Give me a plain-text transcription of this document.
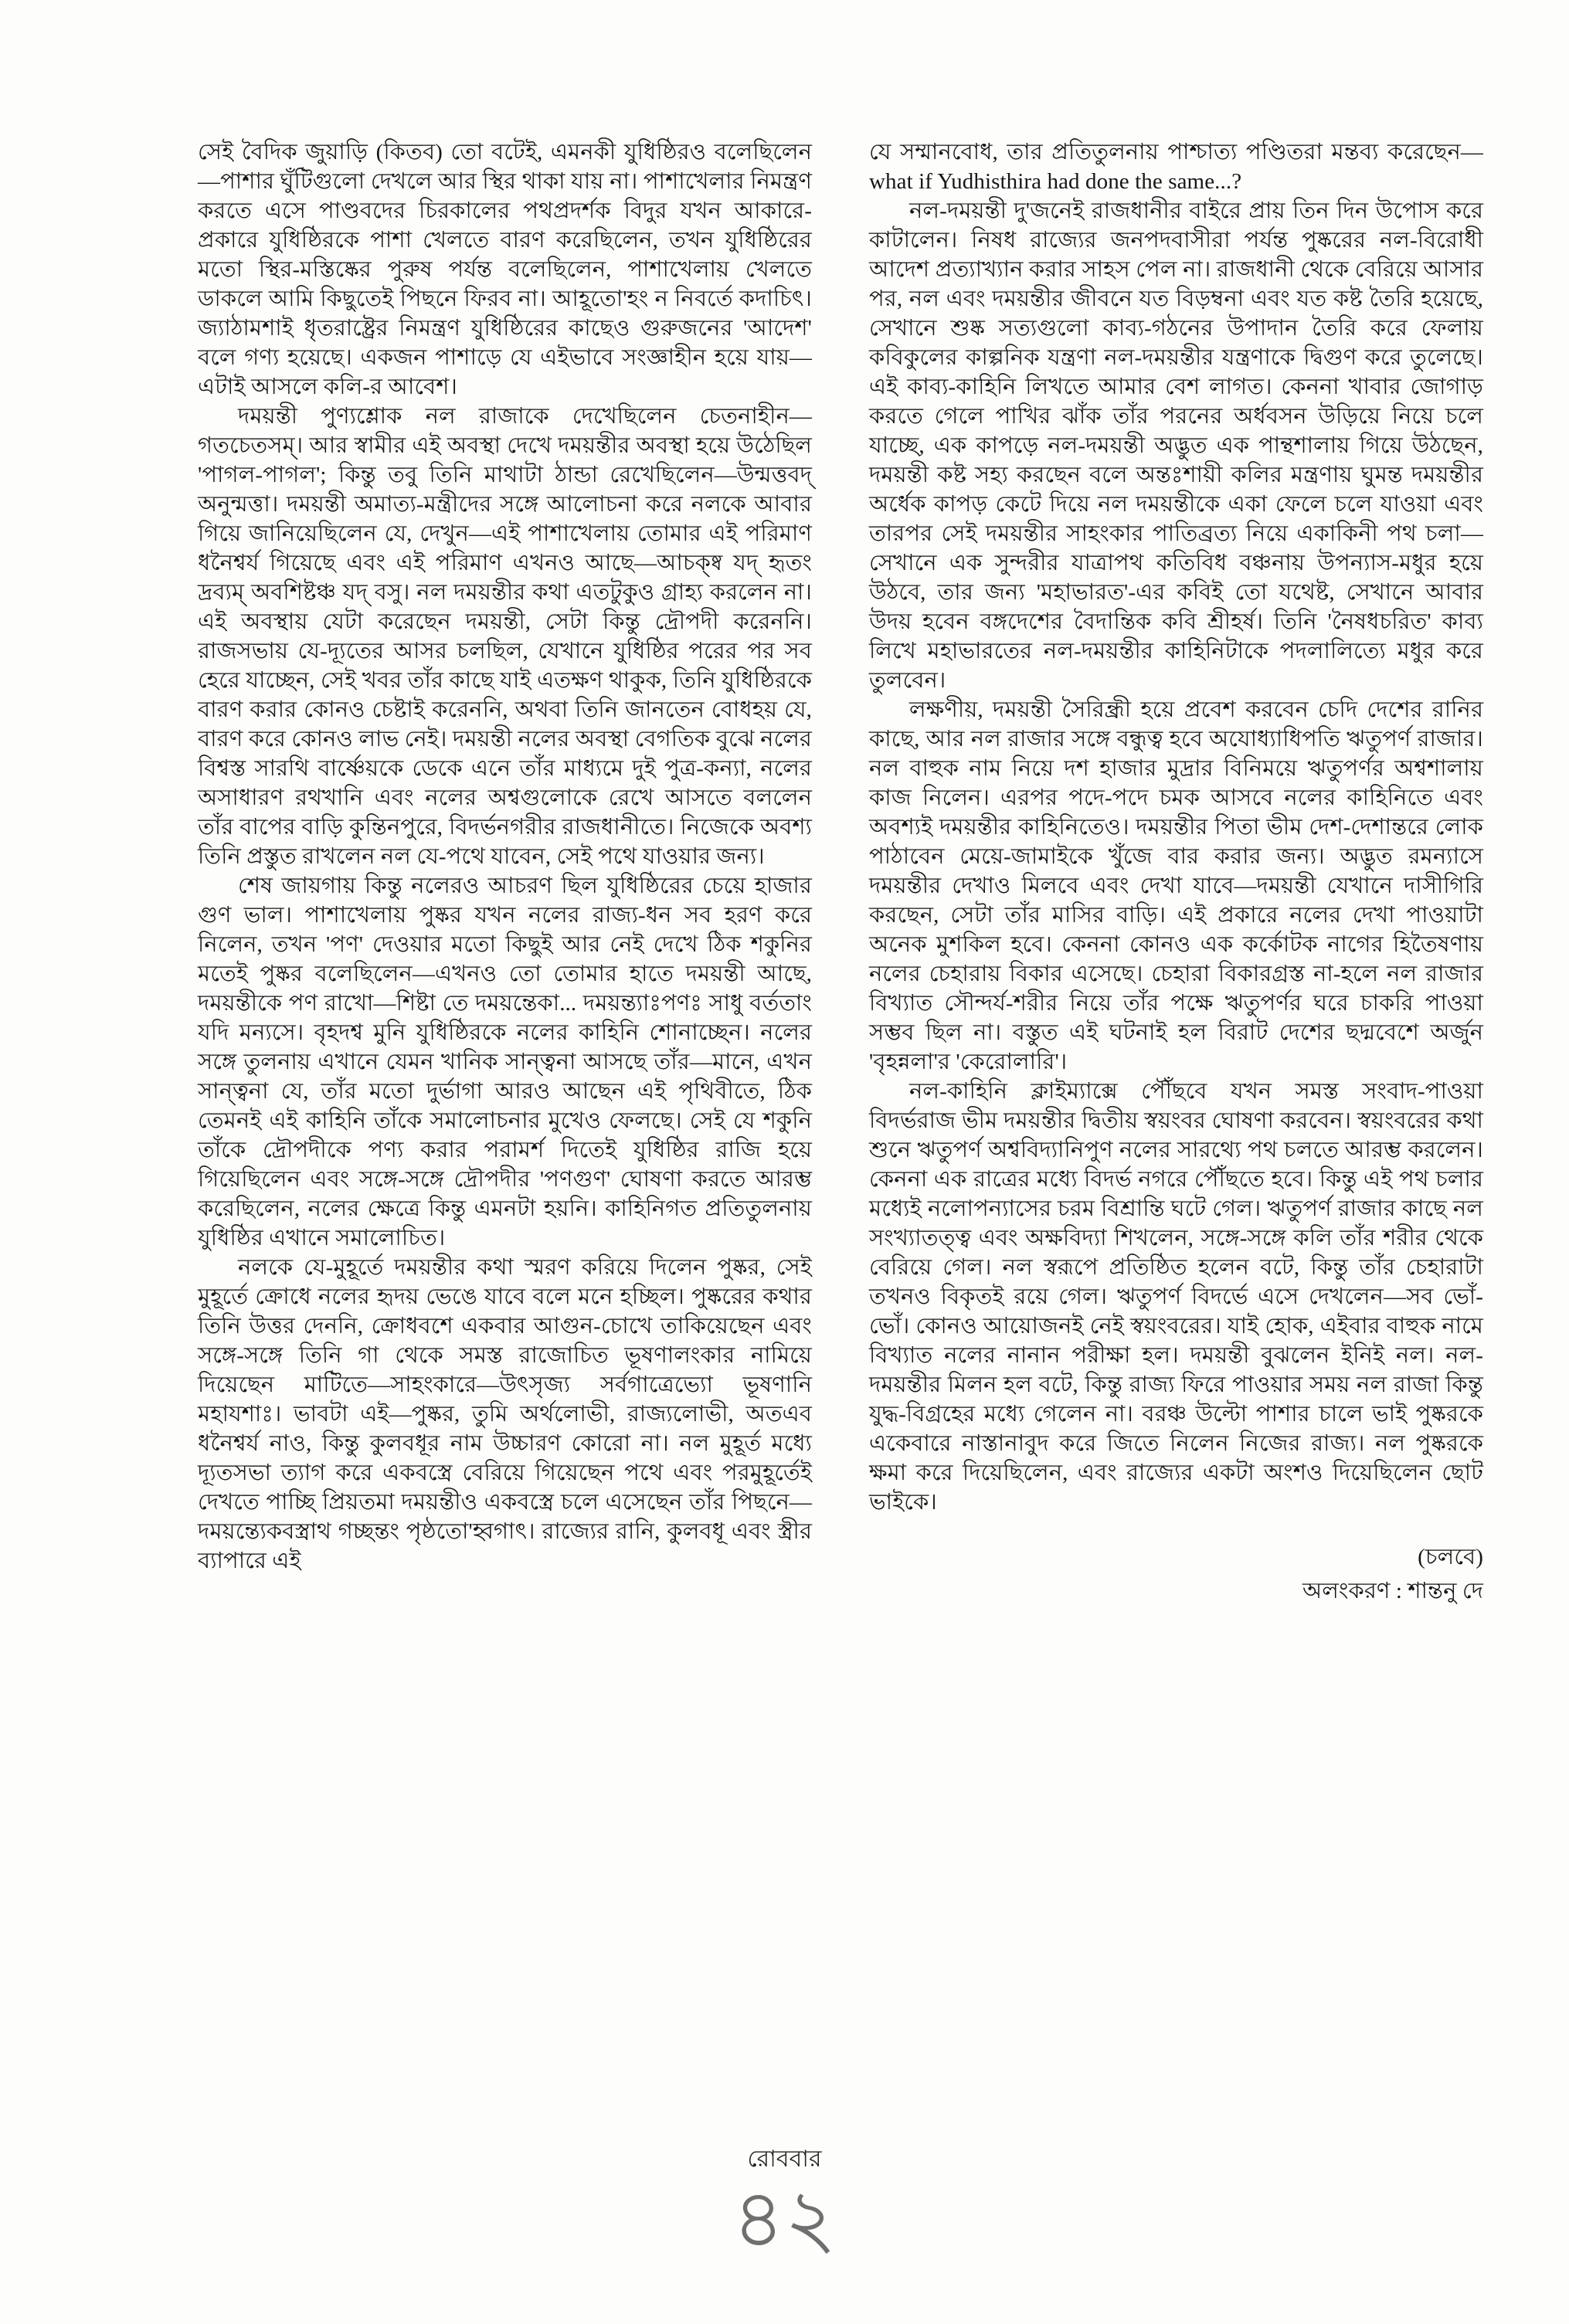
সেই বৈদিক জুয়াড়ি (কিতব) তো বটেই, এমনকী যুধিষ্ঠিরও বলেছিলেন—পাশার ঘুঁটিগুলো দেখলে আর স্থির থাকা যায় না। পাশাখেলার নিমন্ত্রণ করতে এসে পাণ্ডবদের চিরকালের পথপ্রদর্শক বিদুর যখন আকারে-প্রকারে যুধিষ্ঠিরকে পাশা খেলতে বারণ করেছিলেন, তখন যুধিষ্ঠিরের মতো স্থির-মস্তিষ্কের পুরুষ পর্যন্ত বলেছিলেন, পাশাখেলায় খেলতে ডাকলে আমি কিছুতেই পিছনে ফিরব না। আহূতো'হং ন নিবর্তে কদাচিৎ। জ্যাঠামশাই ধৃতরাষ্ট্রের নিমন্ত্রণ যুধিষ্ঠিরের কাছেও গুরুজনের 'আদেশ' বলে গণ্য হয়েছে। একজন পাশাড়ে যে এইভাবে সংজ্ঞাহীন হয়ে যায়—এটাই আসলে কলি-র আবেশ।

দময়ন্তী পুণ্যশ্লোক নল রাজাকে দেখেছিলেন চেতনাহীন—গতচেতসম্। আর স্বামীর এই অবস্থা দেখে দময়ন্তীর অবস্থা হয়ে উঠেছিল 'পাগল-পাগল'; কিন্তু তবু তিনি মাথাটা ঠান্ডা রেখেছিলেন—উন্মত্তবদ্ অনুন্মত্তা। দময়ন্তী অমাত্য-মন্ত্রীদের সঙ্গে আলোচনা করে নলকে আবার গিয়ে জানিয়েছিলেন যে, দেখুন—এই পাশাখেলায় তোমার এই পরিমাণ ধনৈশ্বর্য গিয়েছে এবং এই পরিমাণ এখনও আছে—আচক্ষ্ব যদ্ হৃতং দ্রব্যম্ অবশিষ্টঞ্চ যদ্ বসু। নল দময়ন্তীর কথা এতটুকুও গ্রাহ্য করলেন না। এই অবস্থায় যেটা করেছেন দময়ন্তী, সেটা কিন্তু দ্রৌপদী করেননি। রাজসভায় যে-দ্যূতের আসর চলছিল, যেখানে যুধিষ্ঠির পরের পর সব হেরে যাচ্ছেন, সেই খবর তাঁর কাছে যাই এতক্ষণ থাকুক, তিনি যুধিষ্ঠিরকে বারণ করার কোনও চেষ্টাই করেননি, অথবা তিনি জানতেন বোধহয় যে, বারণ করে কোনও লাভ নেই। দময়ন্তী নলের অবস্থা বেগতিক বুঝে নলের বিশ্বস্ত সারথি বার্ষ্ণেয়কে ডেকে এনে তাঁর মাধ্যমে দুই পুত্র-কন্যা, নলের অসাধারণ রথখানি এবং নলের অশ্বগুলোকে রেখে আসতে বললেন তাঁর বাপের বাড়ি কুন্তিনপুরে, বিদর্ভনগরীর রাজধানীতে। নিজেকে অবশ্য তিনি প্রস্তুত রাখলেন নল যে-পথে যাবেন, সেই পথে যাওয়ার জন্য।

শেষ জায়গায় কিন্তু নলেরও আচরণ ছিল যুধিষ্ঠিরের চেয়ে হাজার গুণ ভাল। পাশাখেলায় পুষ্কর যখন নলের রাজ্য-ধন সব হরণ করে নিলেন, তখন 'পণ' দেওয়ার মতো কিছুই আর নেই দেখে ঠিক শকুনির মতেই পুষ্কর বলেছিলেন—এখনও তো তোমার হাতে দময়ন্তী আছে, দময়ন্তীকে পণ রাখো—শিষ্টা তে দময়ন্তেকা... দময়ন্ত্যাঃপণঃ সাধু বর্ততাং যদি মন্যসে। বৃহদশ্ব মুনি যুধিষ্ঠিরকে নলের কাহিনি শোনাচ্ছেন। নলের সঙ্গে তুলনায় এখানে যেমন খানিক সান্ত্বনা আসছে তাঁর—মানে, এখন সান্ত্বনা যে, তাঁর মতো দুর্ভাগা আরও আছেন এই পৃথিবীতে, ঠিক তেমনই এই কাহিনি তাঁকে সমালোচনার মুখেও ফেলছে। সেই যে শকুনি তাঁকে দ্রৌপদীকে পণ্য করার পরামর্শ দিতেই যুধিষ্ঠির রাজি হয়ে গিয়েছিলেন এবং সঙ্গে-সঙ্গে দ্রৌপদীর 'পণগুণ' ঘোষণা করতে আরম্ভ করেছিলেন, নলের ক্ষেত্রে কিন্তু এমনটা হয়নি। কাহিনিগত প্রতিতুলনায় যুধিষ্ঠির এখানে সমালোচিত।

নলকে যে-মুহূর্তে দময়ন্তীর কথা স্মরণ করিয়ে দিলেন পুষ্কর, সেই মুহূর্তে ক্রোধে নলের হৃদয় ভেঙে যাবে বলে মনে হচ্ছিল। পুষ্করের কথার তিনি উত্তর দেননি, ক্রোধবশে একবার আগুন-চোখে তাকিয়েছেন এবং সঙ্গে-সঙ্গে তিনি গা থেকে সমস্ত রাজোচিত ভূষণালংকার নামিয়ে দিয়েছেন মাটিতে—সাহংকারে—উৎসৃজ্য সর্বগাত্রেভ্যো ভূষণানি মহাযশাঃ। ভাবটা এই—পুষ্কর, তুমি অর্থলোভী, রাজ্যলোভী, অতএব ধনৈশ্বর্য নাও, কিন্তু কুলবধূর নাম উচ্চারণ কোরো না। নল মুহূর্ত মধ্যে দ্যূতসভা ত্যাগ করে একবস্ত্রে বেরিয়ে গিয়েছেন পথে এবং পরমুহূর্তেই দেখতে পাচ্ছি প্রিয়তমা দময়ন্তীও একবস্ত্রে চলে এসেছেন তাঁর পিছনে—দময়ন্ত্যেকবস্ত্রাথ গচ্ছন্তং পৃষ্ঠতো'হ্বগাৎ। রাজ্যের রানি, কুলবধূ এবং স্ত্রীর ব্যাপারে এই

যে সম্মানবোধ, তার প্রতিতুলনায় পাশ্চাত্য পণ্ডিতরা মন্তব্য করেছেন—what if Yudhisthira had done the same...?

নল-দময়ন্তী দু'জনেই রাজধানীর বাইরে প্রায় তিন দিন উপোস করে কাটালেন। নিষধ রাজ্যের জনপদবাসীরা পর্যন্ত পুষ্করের নল-বিরোধী আদেশ প্রত্যাখ্যান করার সাহস পেল না। রাজধানী থেকে বেরিয়ে আসার পর, নল এবং দময়ন্তীর জীবনে যত বিড়ম্বনা এবং যত কষ্ট তৈরি হয়েছে, সেখানে শুষ্ক সত্যগুলো কাব্য-গঠনের উপাদান তৈরি করে ফেলায় কবিকুলের কাল্পনিক যন্ত্রণা নল-দময়ন্তীর যন্ত্রণাকে দ্বিগুণ করে তুলেছে। এই কাব্য-কাহিনি লিখতে আমার বেশ লাগত। কেননা খাবার জোগাড় করতে গেলে পাখির ঝাঁক তাঁর পরনের অর্ধবসন উড়িয়ে নিয়ে চলে যাচ্ছে, এক কাপড়ে নল-দময়ন্তী অদ্ভুত এক পান্থশালায় গিয়ে উঠছেন, দময়ন্তী কষ্ট সহ্য করছেন বলে অন্তঃশায়ী কলির মন্ত্রণায় ঘুমন্ত দময়ন্তীর অর্ধেক কাপড় কেটে দিয়ে নল দময়ন্তীকে একা ফেলে চলে যাওয়া এবং তারপর সেই দময়ন্তীর সাহংকার পাতিব্রত্য নিয়ে একাকিনী পথ চলা—সেখানে এক সুন্দরীর যাত্রাপথ কতিবিধ বঞ্চনায় উপন্যাস-মধুর হয়ে উঠবে, তার জন্য 'মহাভারত'-এর কবিই তো যথেষ্ট, সেখানে আবার উদয় হবেন বঙ্গদেশের বৈদান্তিক কবি শ্রীহর্ষ। তিনি 'নৈষধচরিত' কাব্য লিখে মহাভারতের নল-দময়ন্তীর কাহিনিটাকে পদলালিত্যে মধুর করে তুলবেন।

লক্ষণীয়, দময়ন্তী সৈরিন্ধ্রী হয়ে প্রবেশ করবেন চেদি দেশের রানির কাছে, আর নল রাজার সঙ্গে বন্ধুত্ব হবে অযোধ্যাধিপতি ঋতুপর্ণ রাজার। নল বাহুক নাম নিয়ে দশ হাজার মুদ্রার বিনিময়ে ঋতুপর্ণর অশ্বশালায় কাজ নিলেন। এরপর পদে-পদে চমক আসবে নলের কাহিনিতে এবং অবশ্যই দময়ন্তীর কাহিনিতেও। দময়ন্তীর পিতা ভীম দেশ-দেশান্তরে লোক পাঠাবেন মেয়ে-জামাইকে খুঁজে বার করার জন্য। অদ্ভুত রমন্যাসে দময়ন্তীর দেখাও মিলবে এবং দেখা যাবে—দময়ন্তী যেখানে দাসীগিরি করছেন, সেটা তাঁর মাসির বাড়ি। এই প্রকারে নলের দেখা পাওয়াটা অনেক মুশকিল হবে। কেননা কোনও এক কর্কোটক নাগের হিতৈষণায় নলের চেহারায় বিকার এসেছে। চেহারা বিকারগ্রস্ত না-হলে নল রাজার বিখ্যাত সৌন্দর্য-শরীর নিয়ে তাঁর পক্ষে ঋতুপর্ণর ঘরে চাকরি পাওয়া সম্ভব ছিল না। বস্তুত এই ঘটনাই হল বিরাট দেশের ছদ্মবেশে অর্জুন 'বৃহন্নলা'র 'কেরোলারি'।

নল-কাহিনি ক্লাইম্যাক্সে পৌঁছবে যখন সমস্ত সংবাদ-পাওয়া বিদর্ভরাজ ভীম দময়ন্তীর দ্বিতীয় স্বয়ংবর ঘোষণা করবেন। স্বয়ংবরের কথা শুনে ঋতুপর্ণ অশ্ববিদ্যানিপুণ নলের সারথ্যে পথ চলতে আরম্ভ করলেন। কেননা এক রাত্রের মধ্যে বিদর্ভ নগরে পৌঁছতে হবে। কিন্তু এই পথ চলার মধ্যেই নলোপন্যাসের চরম বিশ্রান্তি ঘটে গেল। ঋতুপর্ণ রাজার কাছে নল সংখ্যাতত্ত্ব এবং অক্ষবিদ্যা শিখলেন, সঙ্গে-সঙ্গে কলি তাঁর শরীর থেকে বেরিয়ে গেল। নল স্বরূপে প্রতিষ্ঠিত হলেন বটে, কিন্তু তাঁর চেহারাটা তখনও বিকৃতই রয়ে গেল। ঋতুপর্ণ বিদর্ভে এসে দেখলেন—সব ভোঁ-ভোঁ। কোনও আয়োজনই নেই স্বয়ংবরের। যাই হোক, এইবার বাহুক নামে বিখ্যাত নলের নানান পরীক্ষা হল। দময়ন্তী বুঝলেন ইনিই নল। নল-দময়ন্তীর মিলন হল বটে, কিন্তু রাজ্য ফিরে পাওয়ার সময় নল রাজা কিন্তু যুদ্ধ-বিগ্রহের মধ্যে গেলেন না। বরঞ্চ উল্টো পাশার চালে ভাই পুষ্করকে একেবারে নাস্তানাবুদ করে জিতে নিলেন নিজের রাজ্য। নল পুষ্করকে ক্ষমা করে দিয়েছিলেন, এবং রাজ্যের একটা অংশও দিয়েছিলেন ছোট ভাইকে।

(চলবে)
অলংকরণ : শান্তনু দে
রোববার
৪২
